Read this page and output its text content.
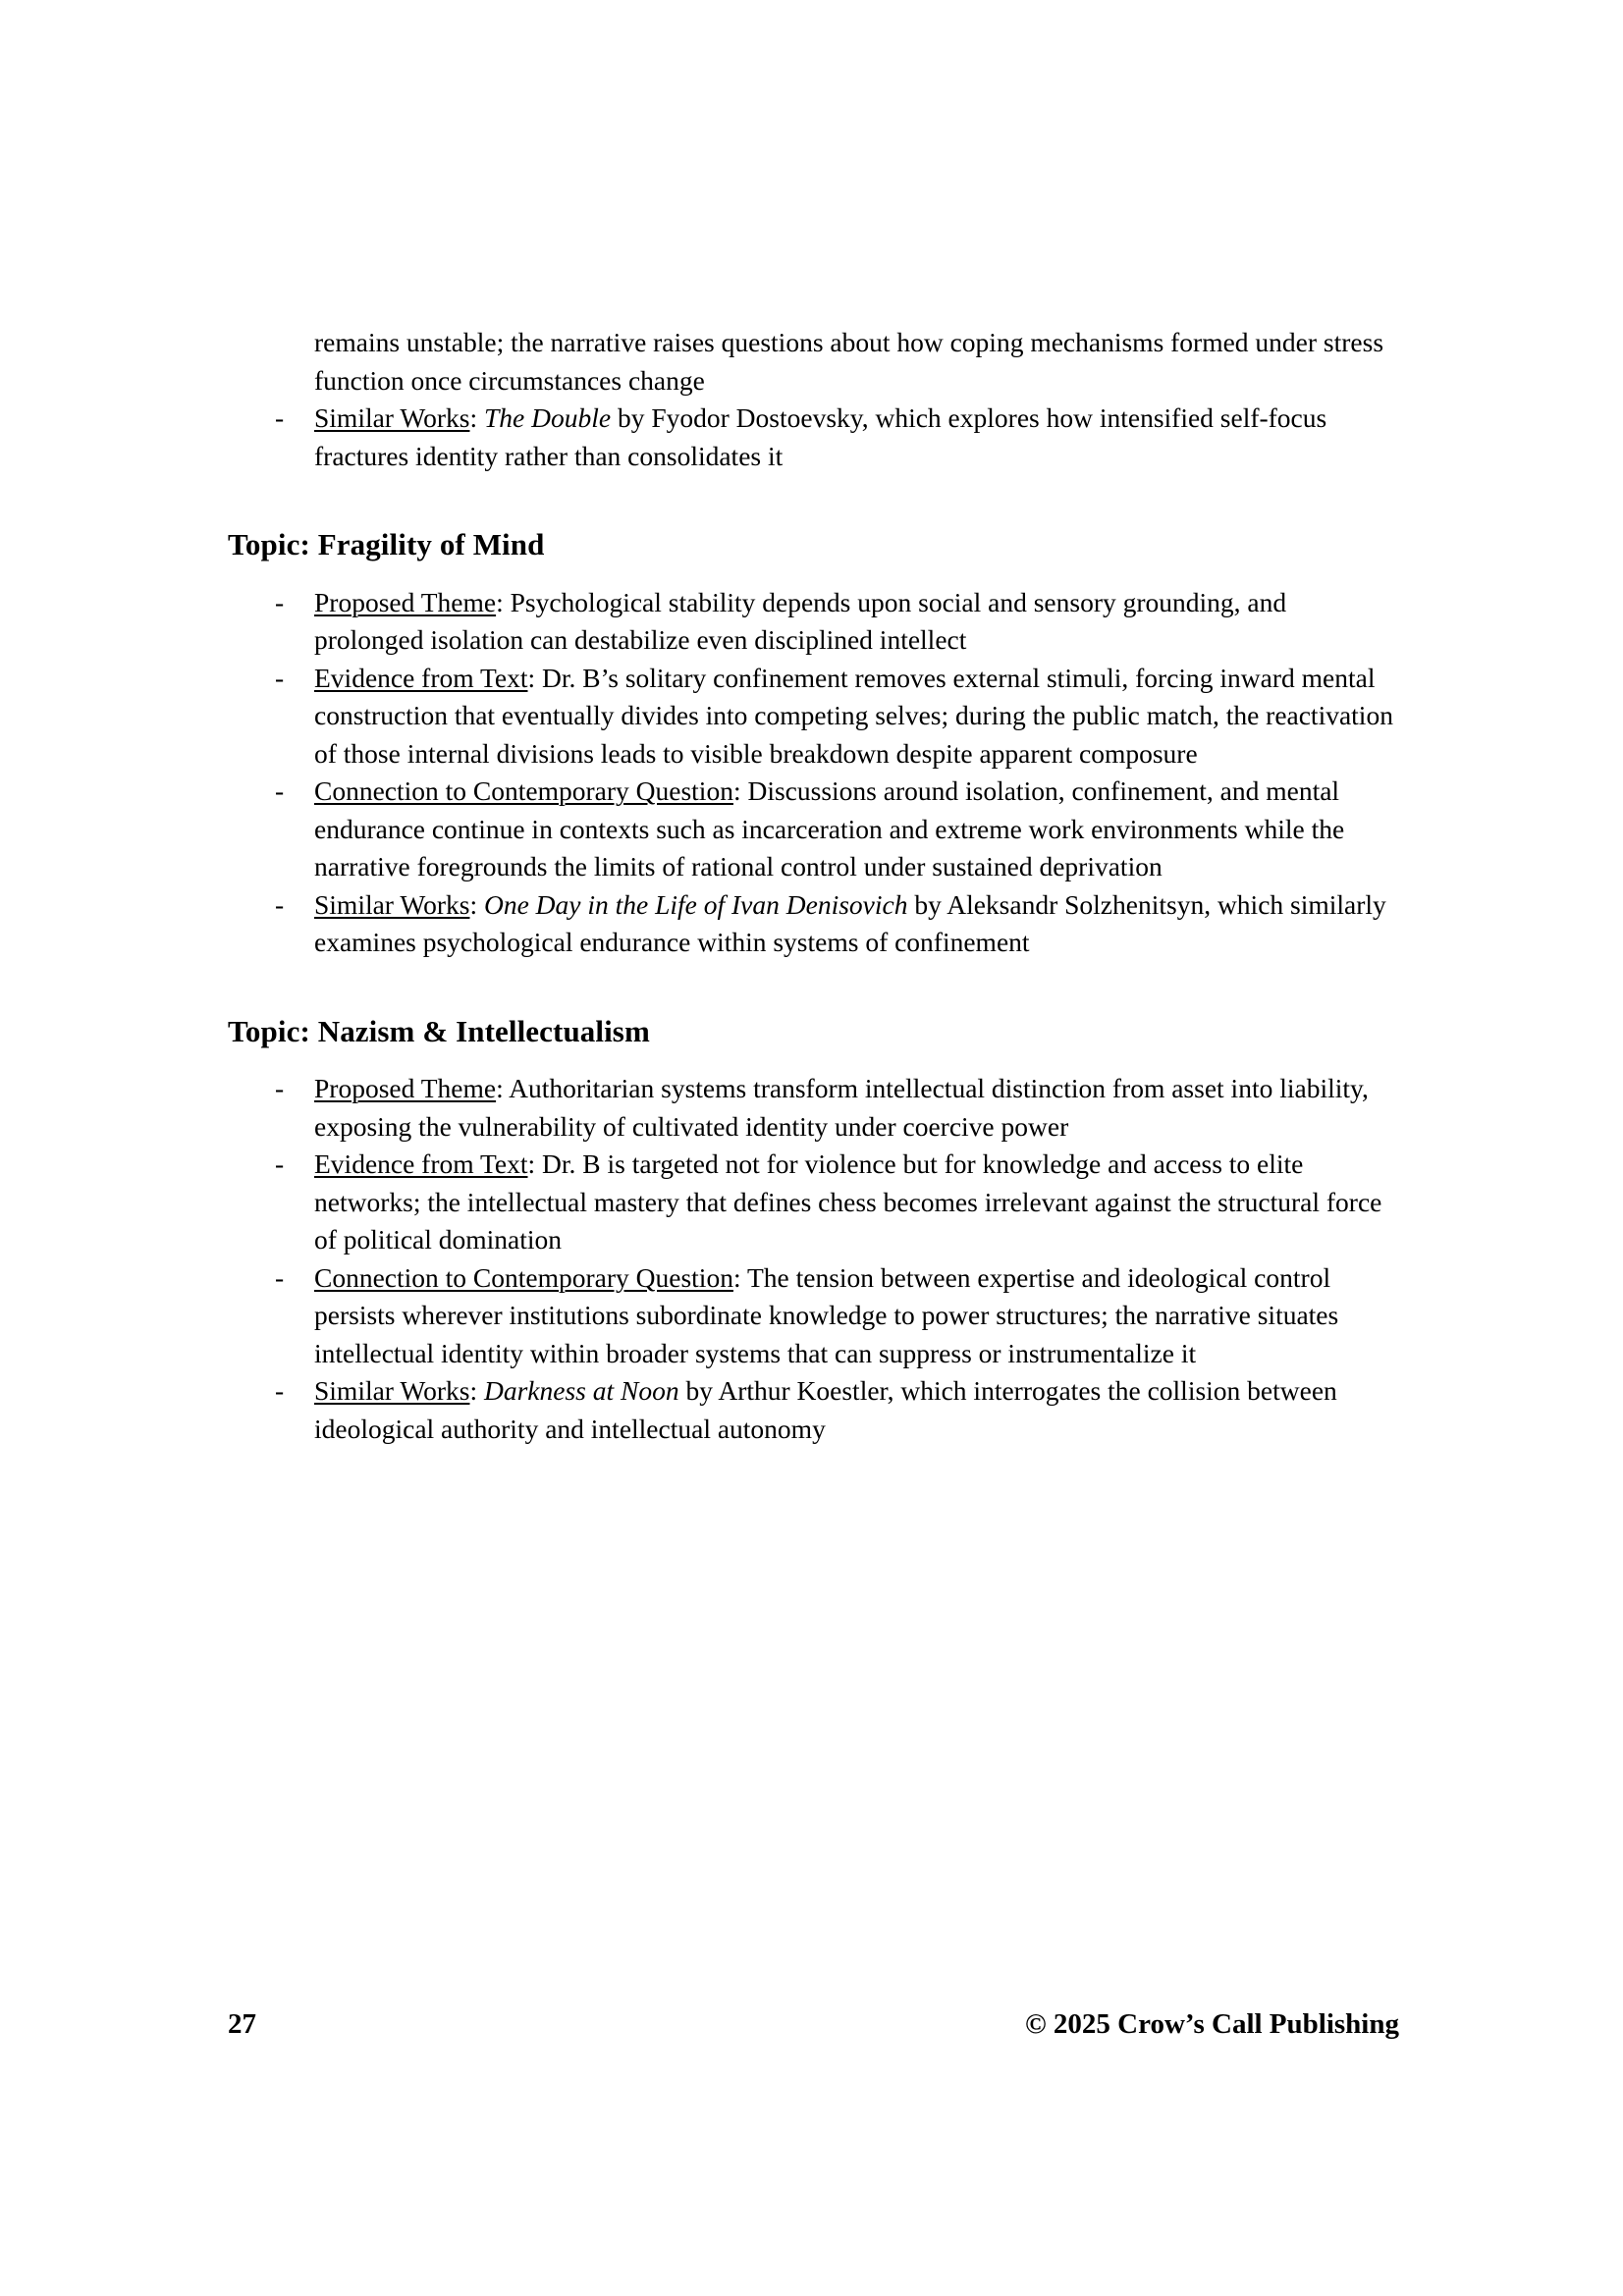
remains unstable; the narrative raises questions about how coping mechanisms formed under stress function once circumstances change
- Similar Works: The Double by Fyodor Dostoevsky, which explores how intensified self-focus fractures identity rather than consolidates it
Topic: Fragility of Mind
- Proposed Theme: Psychological stability depends upon social and sensory grounding, and prolonged isolation can destabilize even disciplined intellect
- Evidence from Text: Dr. B’s solitary confinement removes external stimuli, forcing inward mental construction that eventually divides into competing selves; during the public match, the reactivation of those internal divisions leads to visible breakdown despite apparent composure
- Connection to Contemporary Question: Discussions around isolation, confinement, and mental endurance continue in contexts such as incarceration and extreme work environments while the narrative foregrounds the limits of rational control under sustained deprivation
- Similar Works: One Day in the Life of Ivan Denisovich by Aleksandr Solzhenitsyn, which similarly examines psychological endurance within systems of confinement
Topic: Nazism & Intellectualism
- Proposed Theme: Authoritarian systems transform intellectual distinction from asset into liability, exposing the vulnerability of cultivated identity under coercive power
- Evidence from Text: Dr. B is targeted not for violence but for knowledge and access to elite networks; the intellectual mastery that defines chess becomes irrelevant against the structural force of political domination
- Connection to Contemporary Question: The tension between expertise and ideological control persists wherever institutions subordinate knowledge to power structures; the narrative situates intellectual identity within broader systems that can suppress or instrumentalize it
- Similar Works: Darkness at Noon by Arthur Koestler, which interrogates the collision between ideological authority and intellectual autonomy
27	© 2025 Crow’s Call Publishing
